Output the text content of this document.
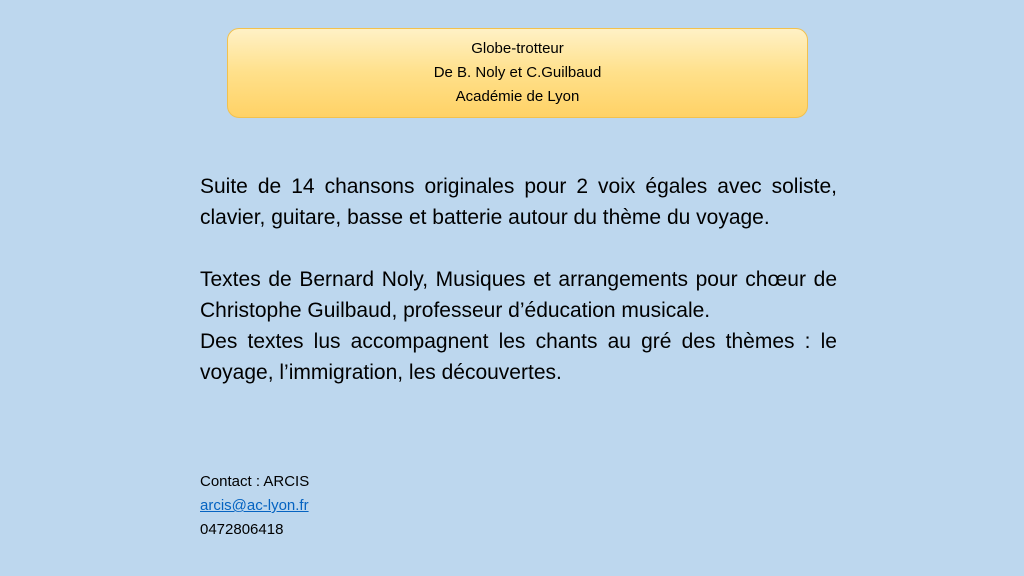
Globe-trotteur
De B. Noly et C.Guilbaud
Académie de Lyon

Suite de 14 chansons originales pour 2 voix égales avec soliste, clavier, guitare, basse et batterie autour du thème du voyage.

Textes de Bernard Noly, Musiques et arrangements pour chœur de Christophe Guilbaud, professeur d’éducation musicale.

Des textes lus accompagnent les chants au gré des thèmes : le voyage, l’immigration, les découvertes.

Contact : ARCIS
arcis@ac-lyon.fr
0472806418
